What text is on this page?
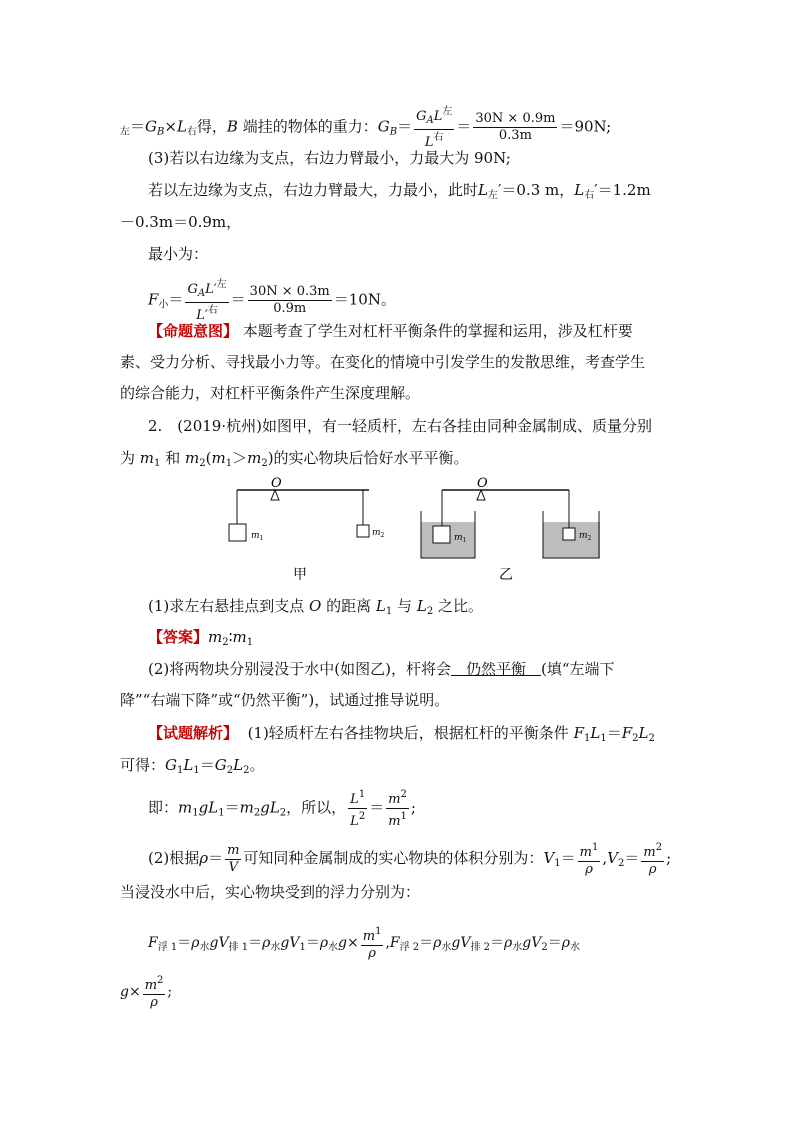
$_左=G_B\times L_右$得，B 端挂的物体的重力：$G_B= \frac{G_AL^左}{L^右} = \frac{30N \times 0.9m}{0.3m} =90N$;
(3)若以右边缘为支点，右边力臂最小，力最大为 90N;
若以左边缘为支点，右边力臂最大，力最小，此时$L_左'=0.3$ m，$L_右'=1.2m$
－0.3m＝0.9m，
最小为：
$F_小= \frac{G_AL'^左}{L'^右} = \frac{30N \times 0.3m}{0.9m} =10N$。
【命题意图】 本题考查了学生对杠杆平衡条件的掌握和运用，涉及杠杆要
素、受力分析、寻找最小力等。在变化的情境中引发学生的发散思维，考查学生
的综合能力，对杠杆平衡条件产生深度理解。
2.　(2019·杭州)如图甲，有一轻质杆，左右各挂由同种金属制成、质量分别
为 $m_1$ 和 $m_2(m_1>m_2)$的实心物块后恰好水平平衡。
O
$m_1$
$m_2$
甲
O
$m_1$	$m_2$
乙
(1)求左右悬挂点到支点 O 的距离 $L_1$ 与 $L_2$ 之比。
【答案】$m_2∶m_1$
(2)将两物块分别浸没于水中(如图乙)，杆将会　仍然平衡　(填“左端下
降”“右端下降”或“仍然平衡”)，试通过推导说明。
【试题解析】 (1)轻质杆左右各挂物块后，根据杠杆的平衡条件 $F_1L_1=F_2L_2$
可得：$G_1L_1=G_2L_2$。
即：$m_1gL_1=m_2gL_2$，所以， $\frac{L^1}{L^2} = \frac{m^2}{m^1}$ ;
(2)根据$\rho= \frac{m}{V}$ 可知同种金属制成的实心物块的体积分别为：$V_1= \frac{m^1}{\rho} ,V_2= \frac{m^2}{\rho}$ ;
当浸没水中后，实心物块受到的浮力分别为：
$F_{浮 1}=\rho_水gV_{排 1}=\rho_水gV_1=\rho_水g\times \frac{m^1}{\rho} ,F_{浮 2}=\rho_水gV_{排 2}=\rho_水gV_2=\rho_水$
$g\times \frac{m^2}{\rho}$ ;
